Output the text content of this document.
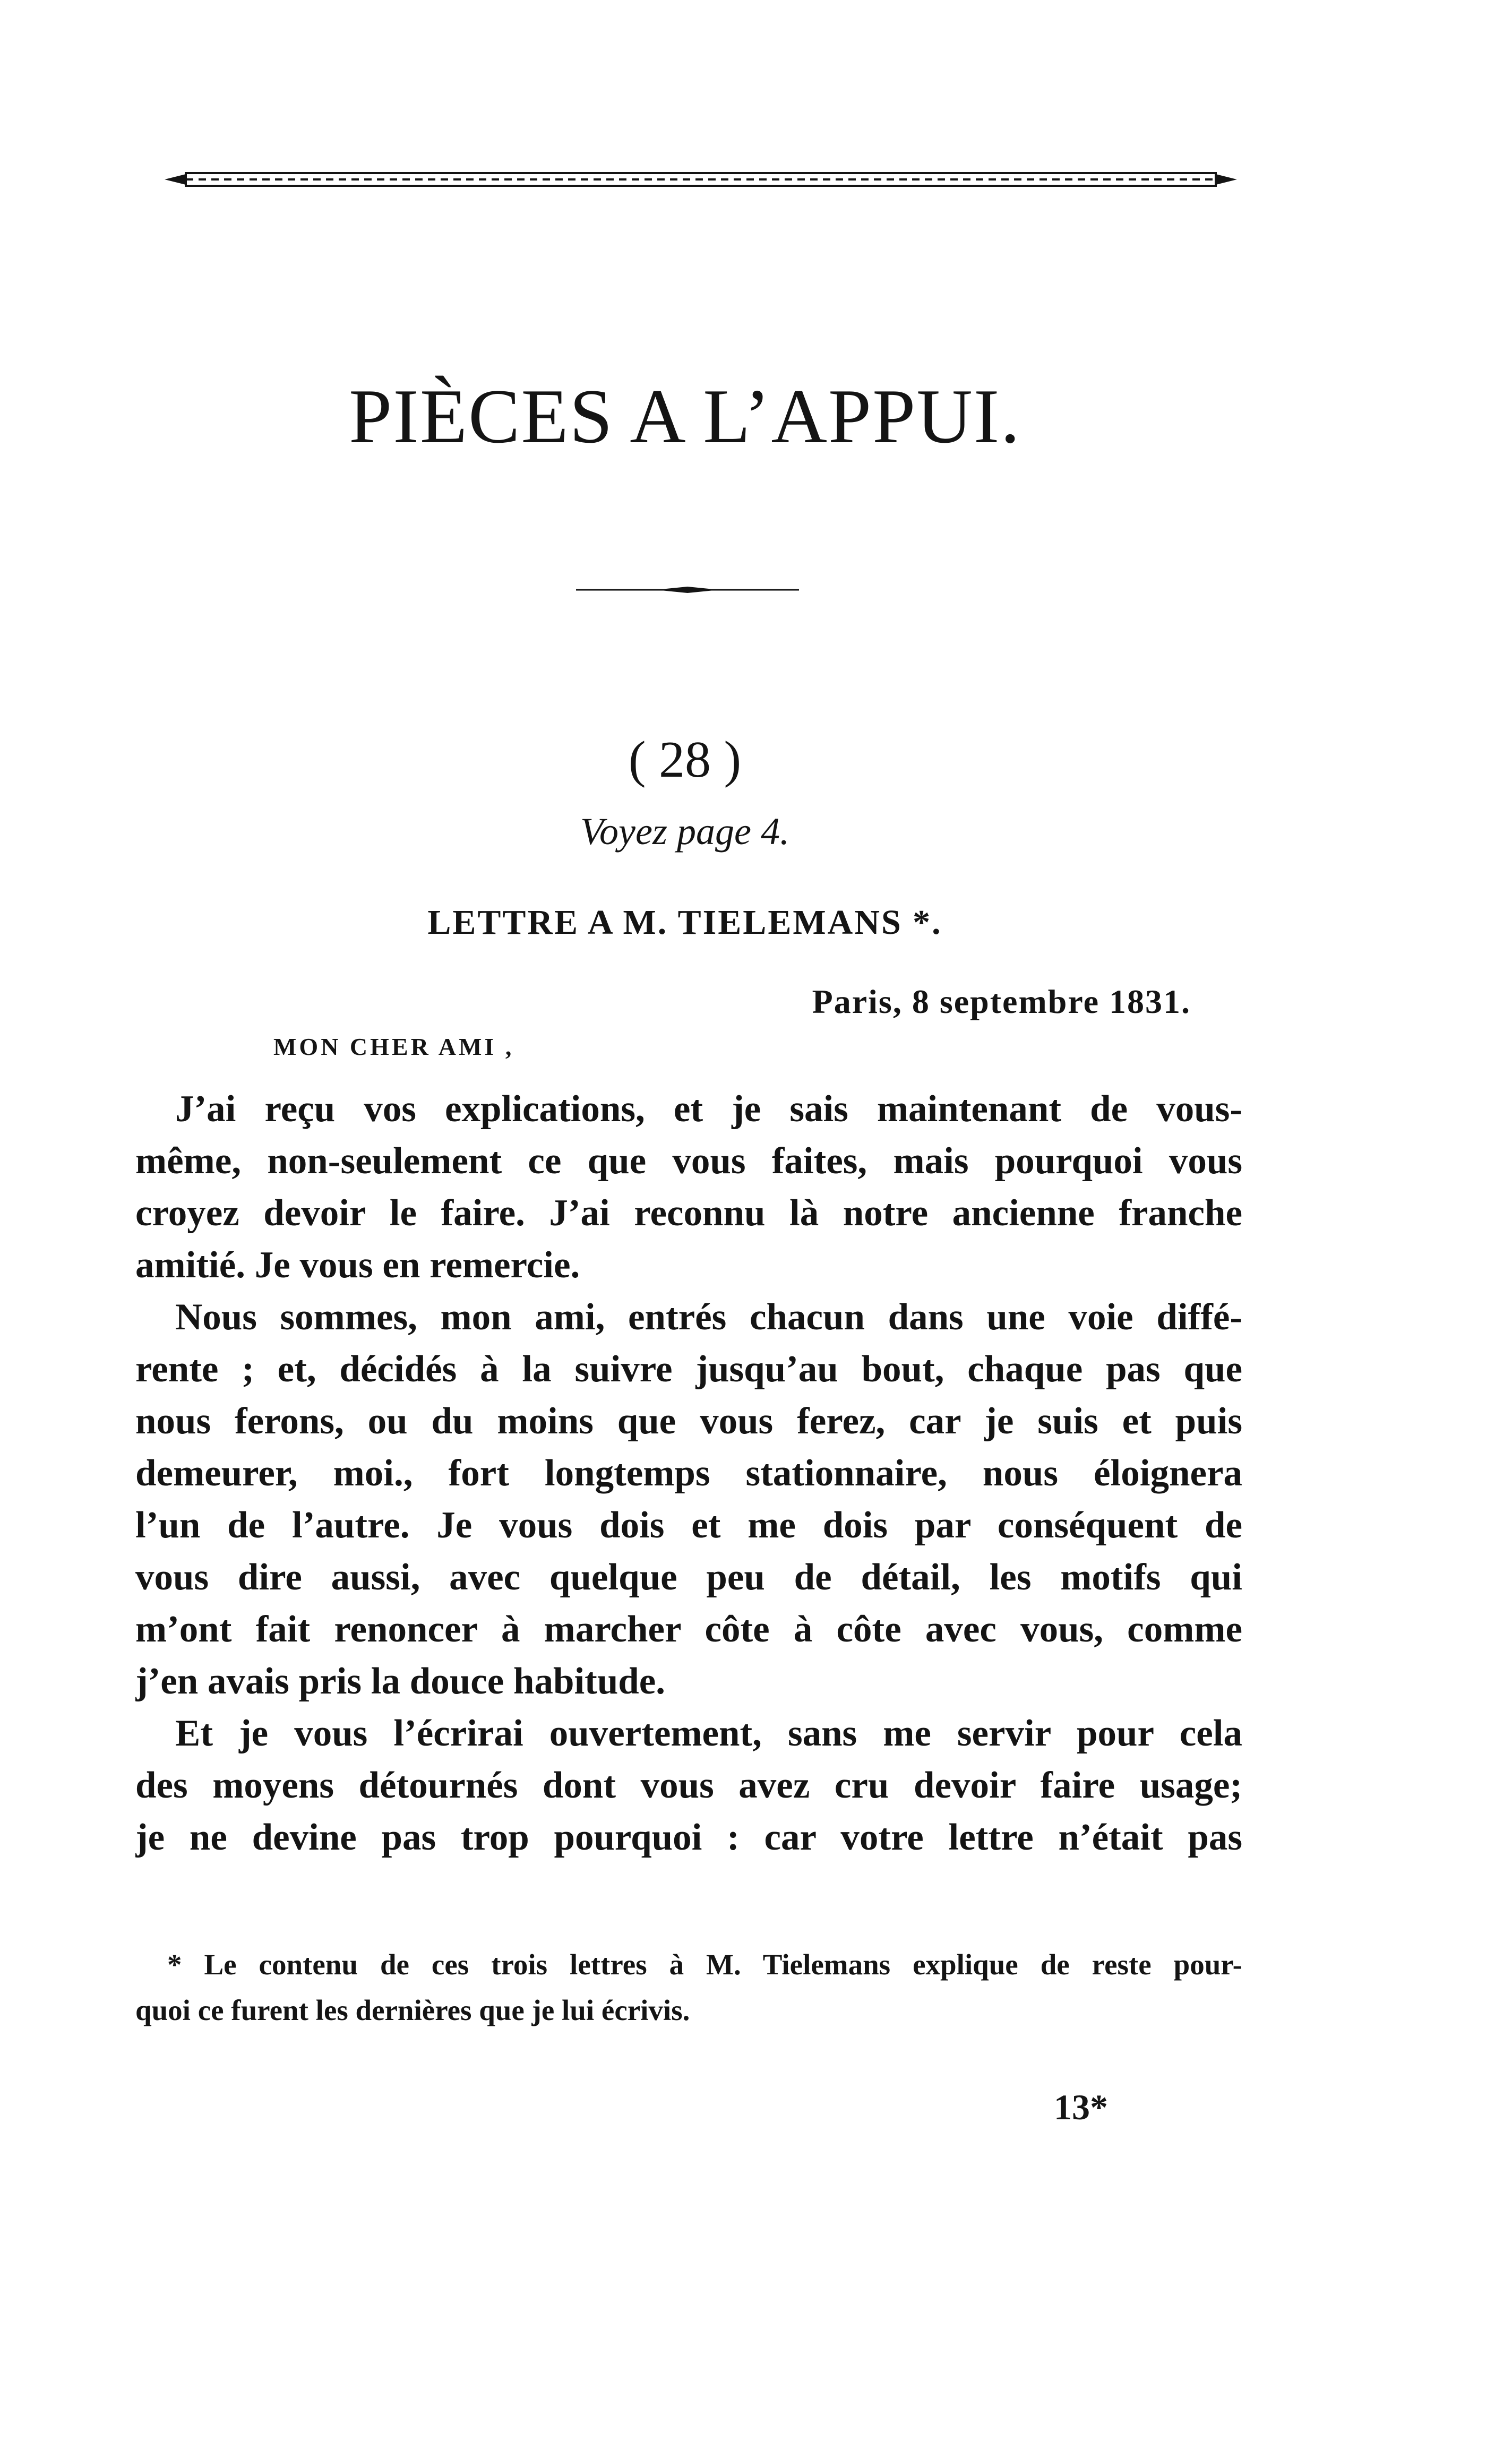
PIÈCES A L’APPUI.
( 28 )
Voyez page 4.
LETTRE A M. TIELEMANS *.
Paris, 8 septembre 1831.
MON CHER AMI ,
J’ai reçu vos explications, et je sais maintenant de vous-
même, non-seulement ce que vous faites, mais pourquoi vous
croyez devoir le faire. J’ai reconnu là notre ancienne franche
amitié. Je vous en remercie.
Nous sommes, mon ami, entrés chacun dans une voie diffé-
rente ; et, décidés à la suivre jusqu’au bout, chaque pas que
nous ferons, ou du moins que vous ferez, car je suis et puis
demeurer, moi., fort longtemps stationnaire, nous éloignera
l’un de l’autre. Je vous dois et me dois par conséquent de
vous dire aussi, avec quelque peu de détail, les motifs qui
m’ont fait renoncer à marcher côte à côte avec vous, comme
j’en avais pris la douce habitude.
Et je vous l’écrirai ouvertement, sans me servir pour cela
des moyens détournés dont vous avez cru devoir faire usage;
je ne devine pas trop pourquoi : car votre lettre n’était pas
* Le contenu de ces trois lettres à M. Tielemans explique de reste pour-
quoi ce furent les dernières que je lui écrivis.
13*
